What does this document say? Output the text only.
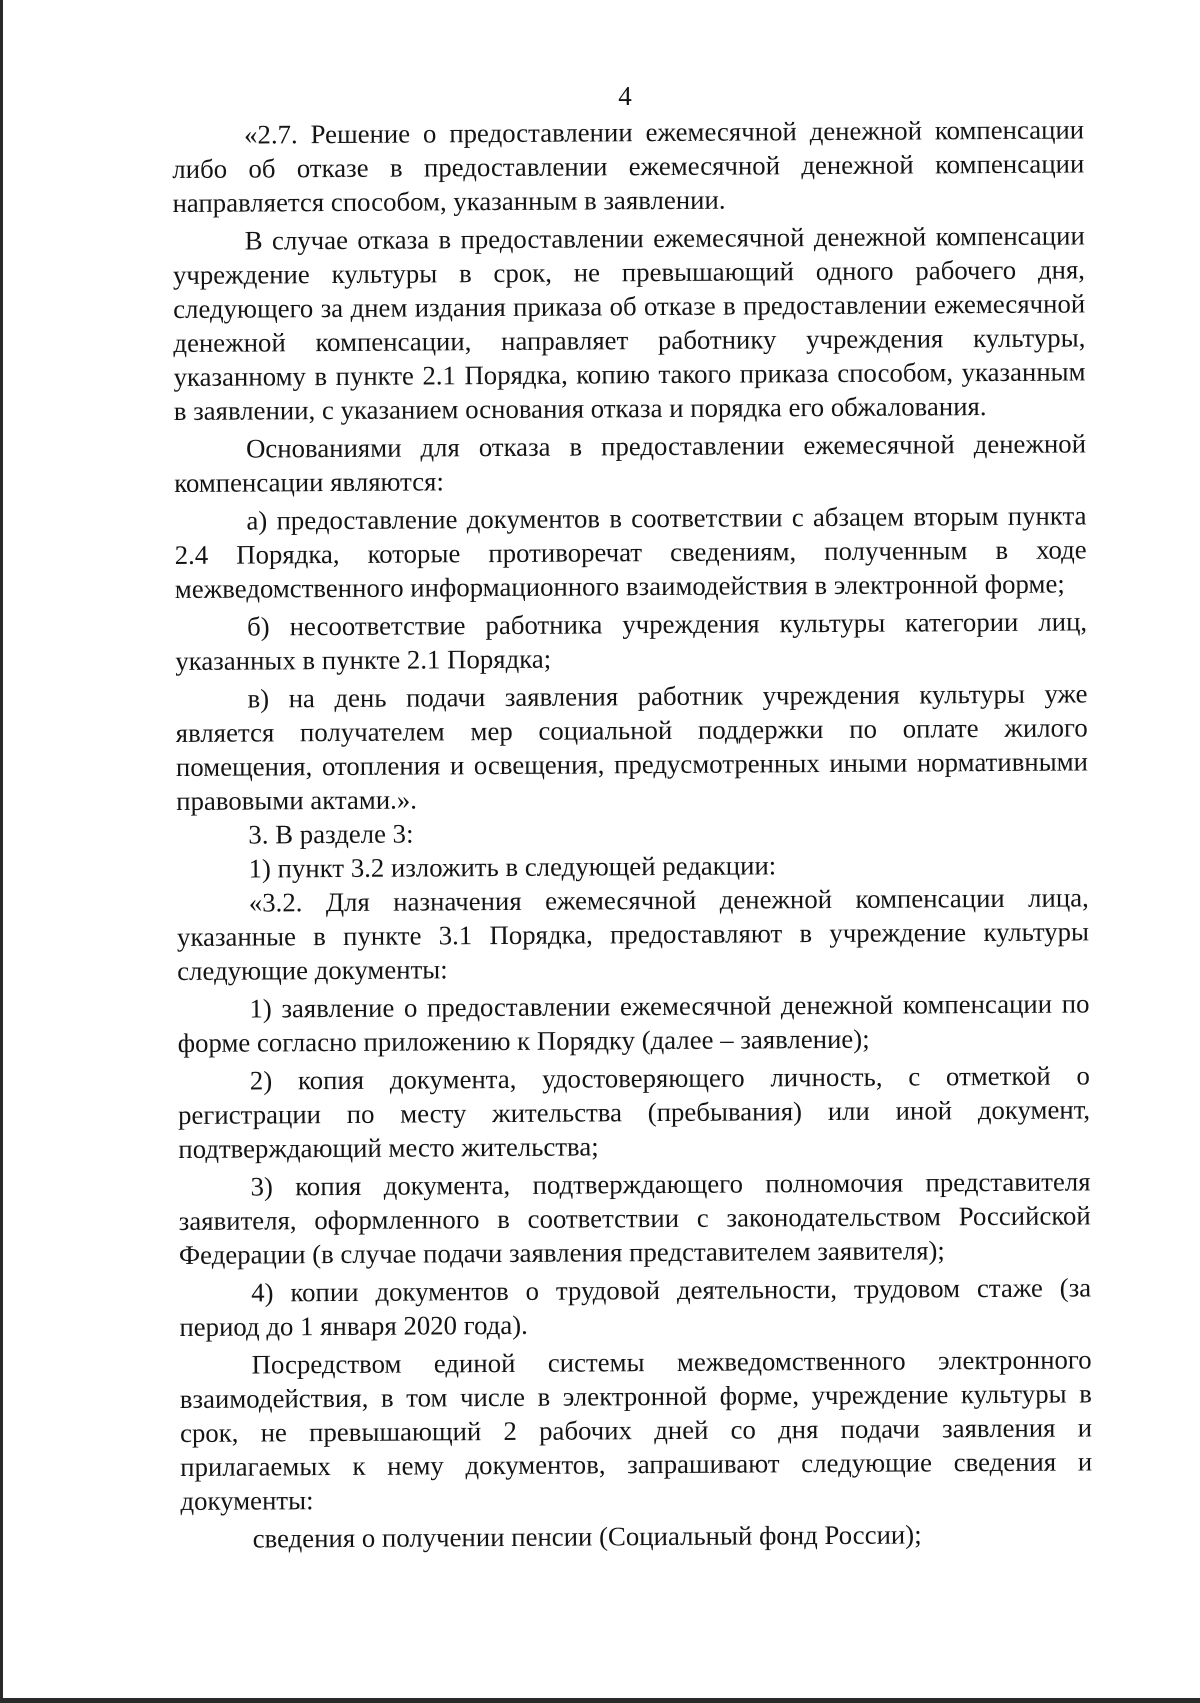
4

«2.7. Решение о предоставлении ежемесячной денежной компенсации либо об отказе в предоставлении ежемесячной денежной компенсации направляется способом, указанным в заявлении.

В случае отказа в предоставлении ежемесячной денежной компенсации учреждение культуры в срок, не превышающий одного рабочего дня, следующего за днем издания приказа об отказе в предоставлении ежемесячной денежной компенсации, направляет работнику учреждения культуры, указанному в пункте 2.1 Порядка, копию такого приказа способом, указанным в заявлении, с указанием основания отказа и порядка его обжалования.

Основаниями для отказа в предоставлении ежемесячной денежной компенсации являются:

а) предоставление документов в соответствии с абзацем вторым пункта 2.4 Порядка, которые противоречат сведениям, полученным в ходе межведомственного информационного взаимодействия в электронной форме;

б) несоответствие работника учреждения культуры категории лиц, указанных в пункте 2.1 Порядка;

в) на день подачи заявления работник учреждения культуры уже является получателем мер социальной поддержки по оплате жилого помещения, отопления и освещения, предусмотренных иными нормативными правовыми актами.».

3. В разделе 3:

1) пункт 3.2 изложить в следующей редакции:

«3.2. Для назначения ежемесячной денежной компенсации лица, указанные в пункте 3.1 Порядка, предоставляют в учреждение культуры следующие документы:

1) заявление о предоставлении ежемесячной денежной компенсации по форме согласно приложению к Порядку (далее – заявление);

2) копия документа, удостоверяющего личность, с отметкой о регистрации по месту жительства (пребывания) или иной документ, подтверждающий место жительства;

3) копия документа, подтверждающего полномочия представителя заявителя, оформленного в соответствии с законодательством Российской Федерации (в случае подачи заявления представителем заявителя);

4) копии документов о трудовой деятельности, трудовом стаже (за период до 1 января 2020 года).

Посредством единой системы межведомственного электронного взаимодействия, в том числе в электронной форме, учреждение культуры в срок, не превышающий 2 рабочих дней со дня подачи заявления и прилагаемых к нему документов, запрашивают следующие сведения и документы:

сведения о получении пенсии (Социальный фонд России);
